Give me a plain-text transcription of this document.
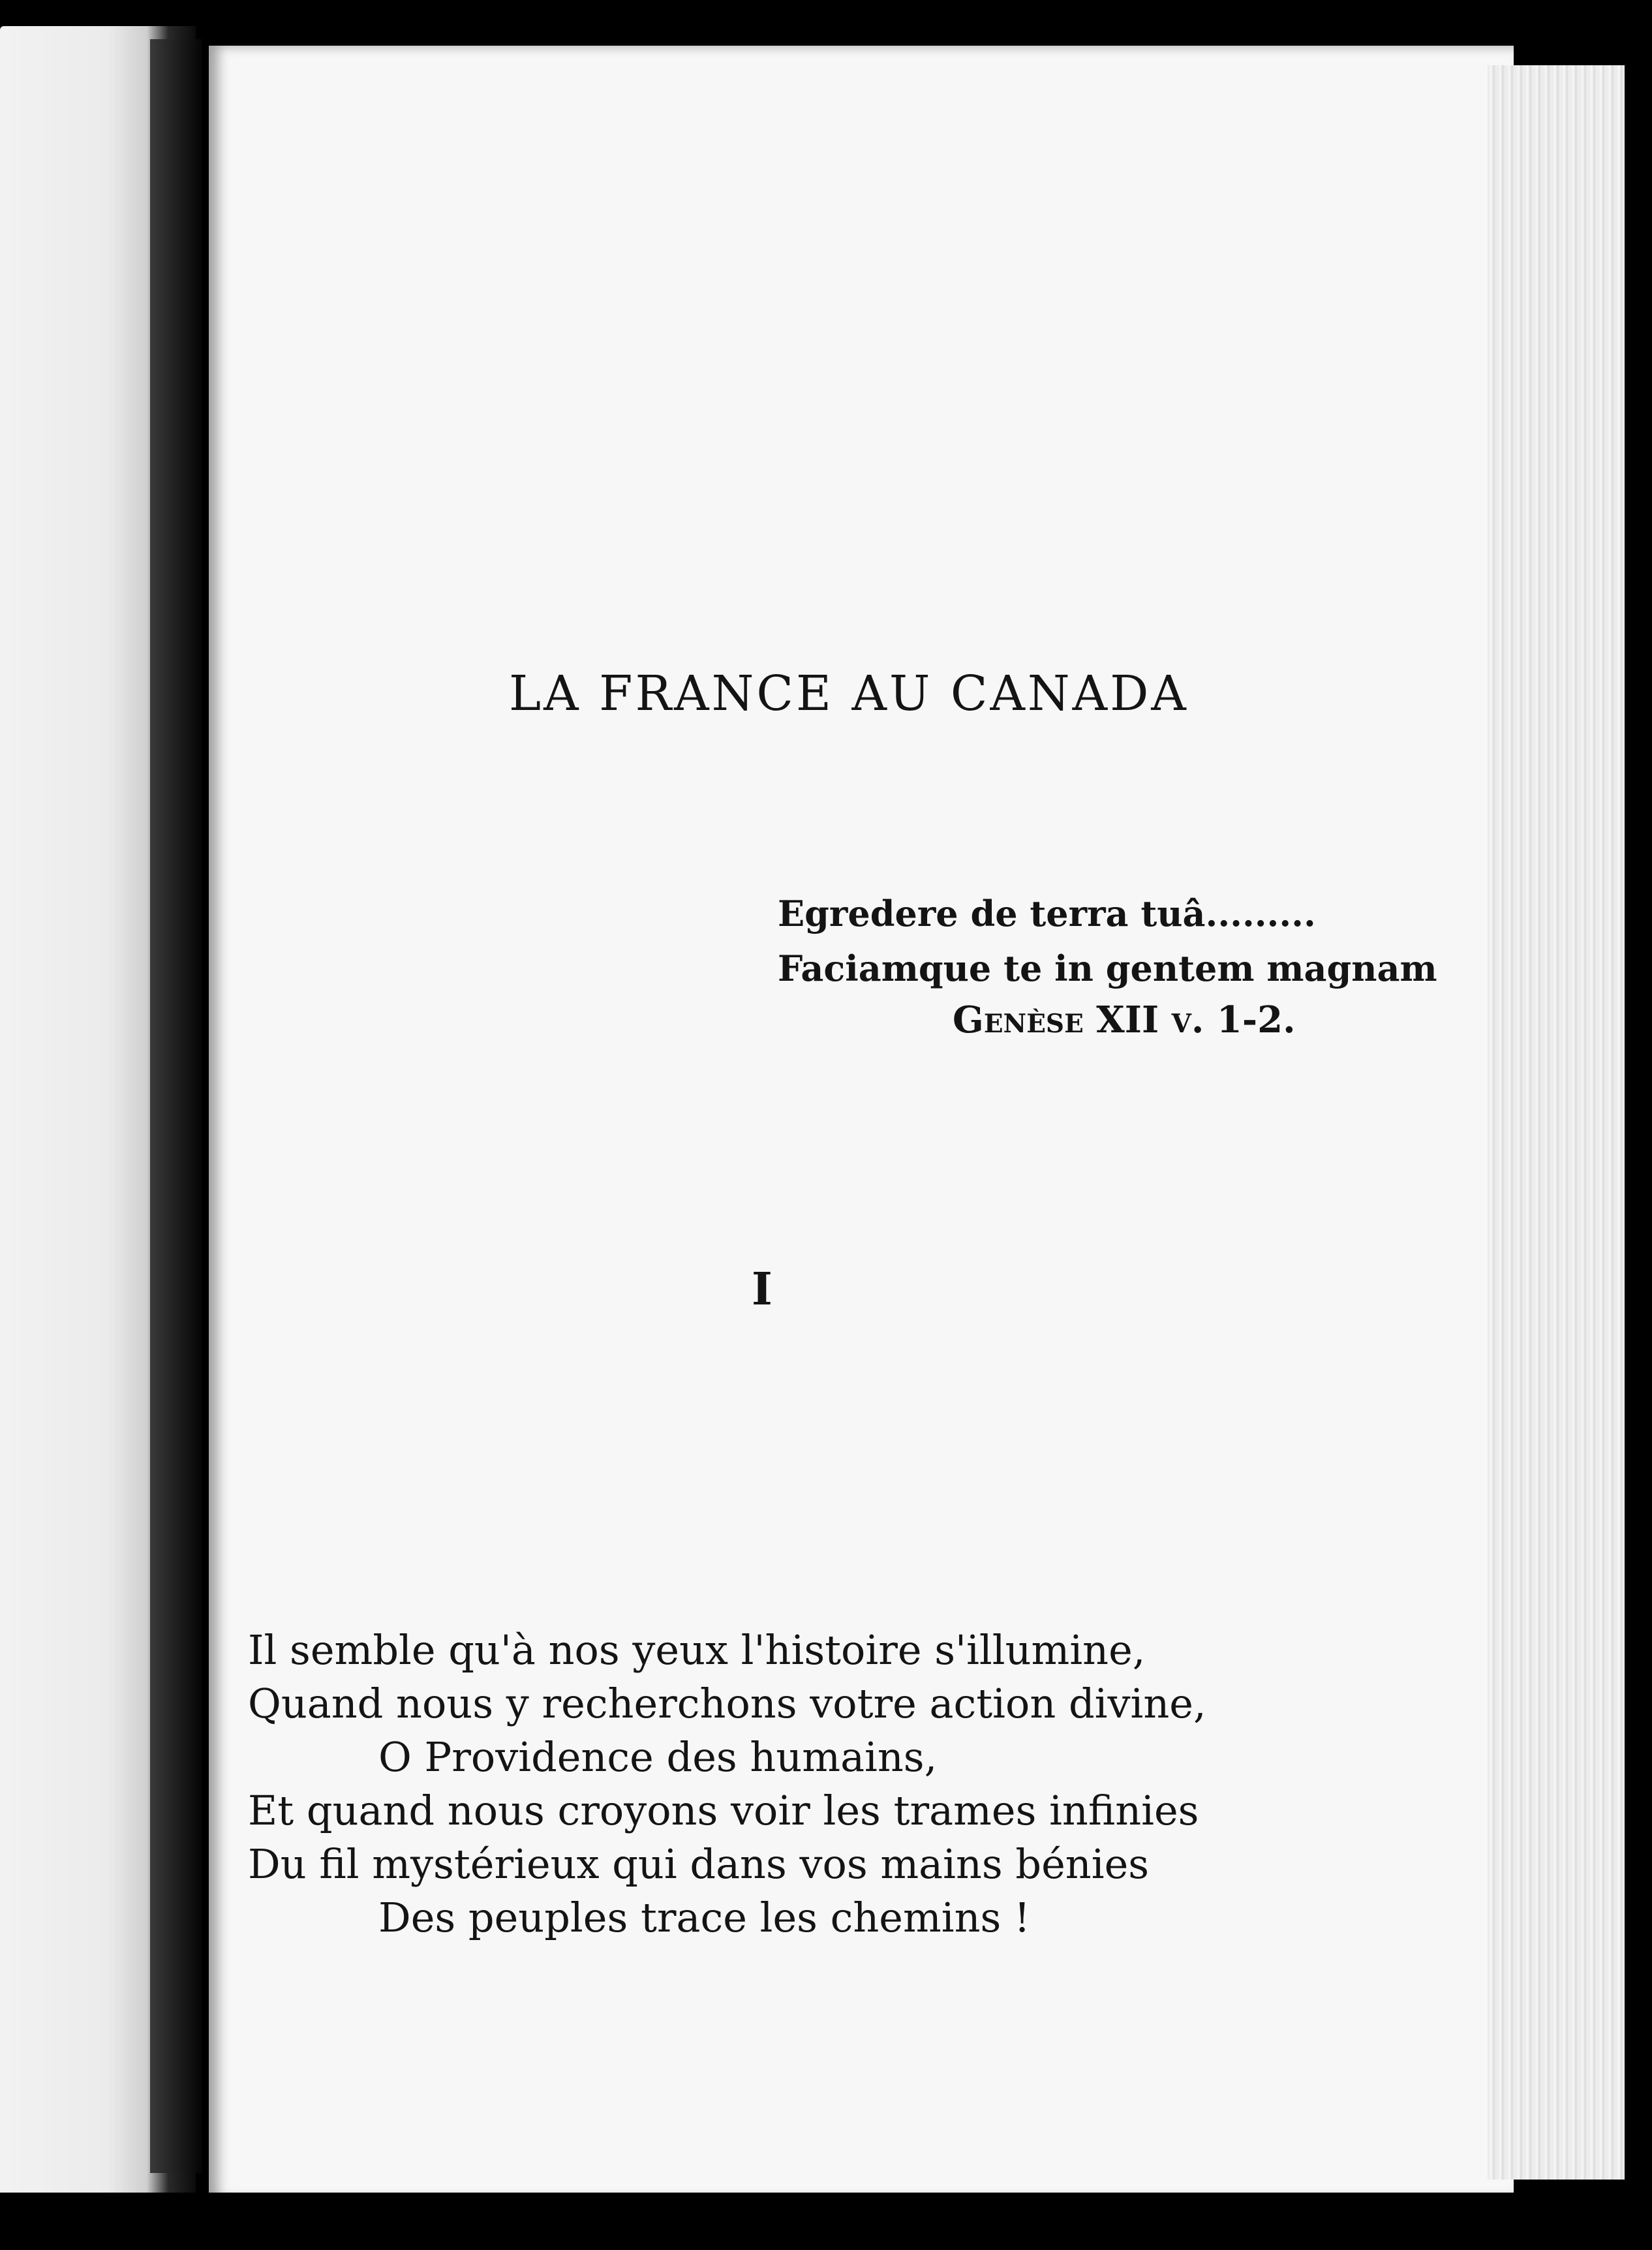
LA FRANCE AU CANADA
Egredere de terra tuâ.........
Faciamque te in gentem magnam
Genèse XII v. 1-2.
I
Il semble qu'à nos yeux l'histoire s'illumine,
Quand nous y recherchons votre action divine,
O Providence des humains,
Et quand nous croyons voir les trames infinies
Du fil mystérieux qui dans vos mains bénies
Des peuples trace les chemins !
